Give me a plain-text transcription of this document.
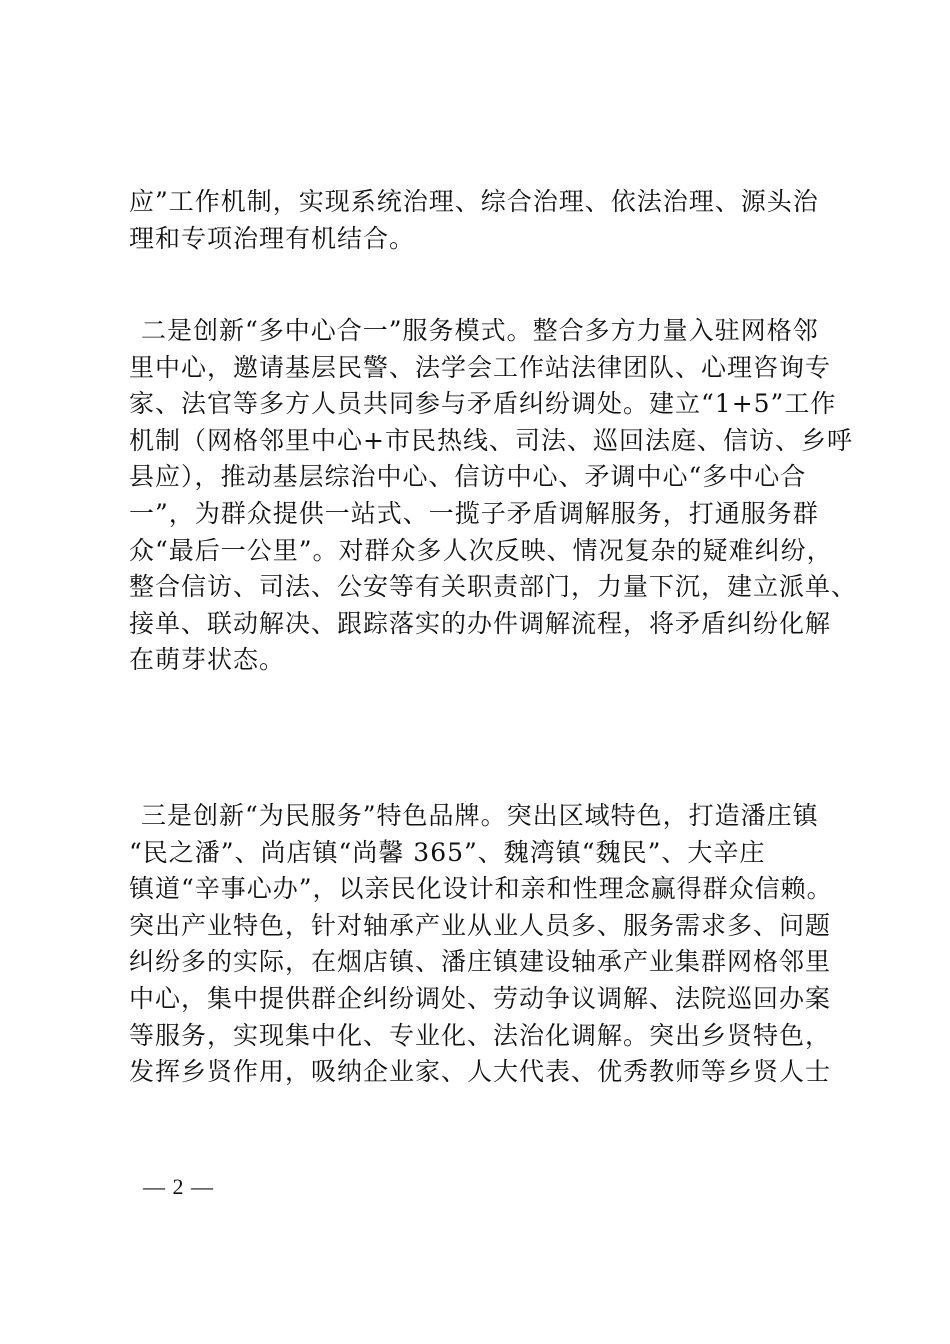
应”工作机制，实现系统治理、综合治理、依法治理、源头治
理和专项治理有机结合。
二是创新“多中心合一”服务模式。整合多方力量入驻网格邻
里中心，邀请基层民警、法学会工作站法律团队、心理咨询专
家、法官等多方人员共同参与矛盾纠纷调处。建立“1+5”工作
机制（网格邻里中心+市民热线、司法、巡回法庭、信访、乡呼
县应），推动基层综治中心、信访中心、矛调中心“多中心合
一”，为群众提供一站式、一揽子矛盾调解服务，打通服务群
众“最后一公里”。对群众多人次反映、情况复杂的疑难纠纷，
整合信访、司法、公安等有关职责部门，力量下沉，建立派单、
接单、联动解决、跟踪落实的办件调解流程，将矛盾纠纷化解
在萌芽状态。
三是创新“为民服务”特色品牌。突出区域特色，打造潘庄镇
“民之潘”、尚店镇“尚馨 365”、魏湾镇“魏民”、大辛庄
镇道“辛事心办”，以亲民化设计和亲和性理念赢得群众信赖。
突出产业特色，针对轴承产业从业人员多、服务需求多、问题
纠纷多的实际，在烟店镇、潘庄镇建设轴承产业集群网格邻里
中心，集中提供群企纠纷调处、劳动争议调解、法院巡回办案
等服务，实现集中化、专业化、法治化调解。突出乡贤特色，
发挥乡贤作用，吸纳企业家、人大代表、优秀教师等乡贤人士
— 2 —
